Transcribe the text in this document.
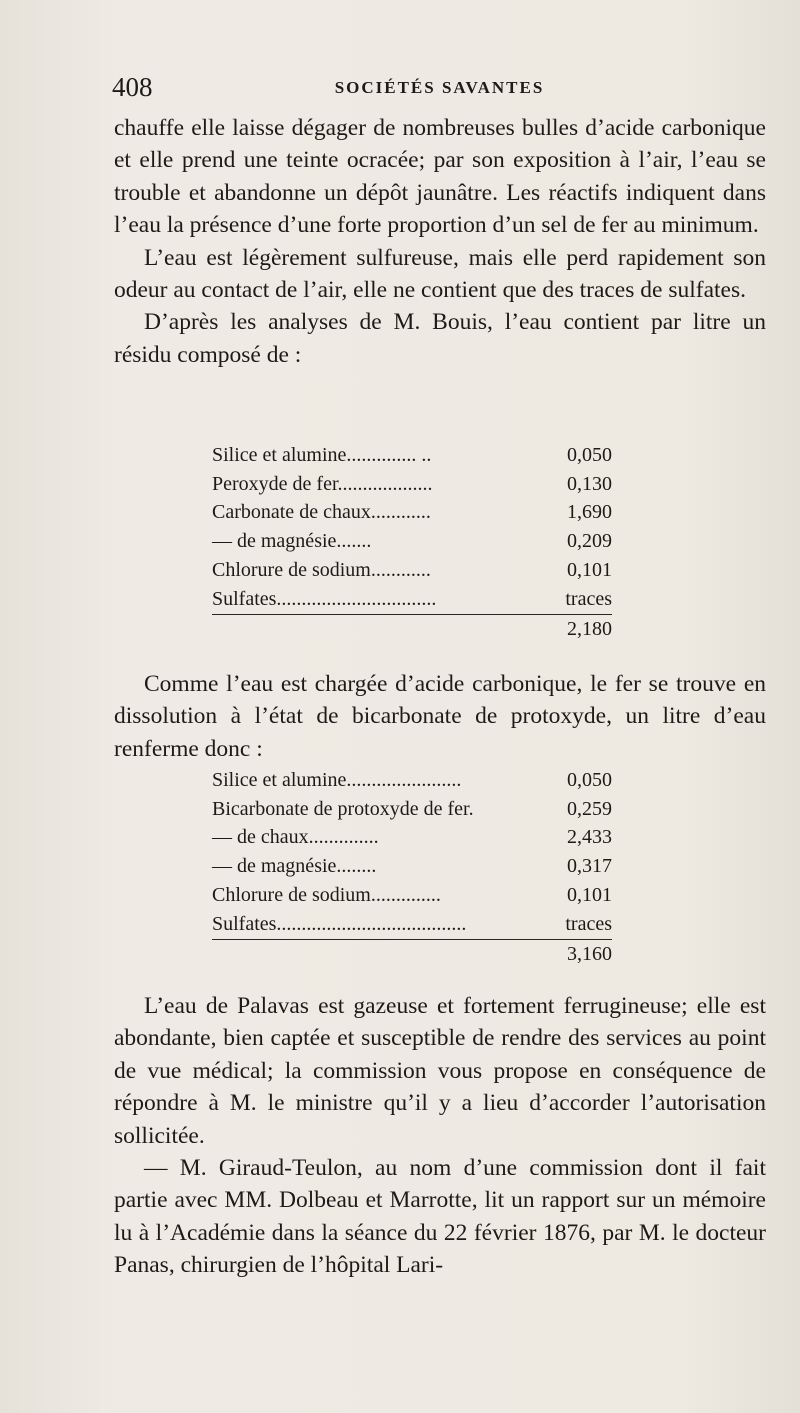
408	SOCIÉTÉS SAVANTES

chauffe elle laisse dégager de nombreuses bulles d’acide carbonique et elle prend une teinte ocracée; par son exposition à l’air, l’eau se trouble et abandonne un dépôt jaunâtre. Les réactifs indiquent dans l’eau la présence d’une forte proportion d’un sel de fer au minimum.

L’eau est légèrement sulfureuse, mais elle perd rapidement son odeur au contact de l’air, elle ne contient que des traces de sulfates.

D’après les analyses de M. Bouis, l’eau contient par litre un résidu composé de :

Silice et alumine.............. ..	0,050
Peroxyde de fer...................	0,130
Carbonate de chaux............	1,690
— de magnésie.......	0,209
Chlorure de sodium............	0,101
Sulfates................................	traces
	2,180

Comme l’eau est chargée d’acide carbonique, le fer se trouve en dissolution à l’état de bicarbonate de protoxyde, un litre d’eau renferme donc :

Silice et alumine.......................	0,050
Bicarbonate de protoxyde de fer.	0,259
— de chaux..............	2,433
— de magnésie........	0,317
Chlorure de sodium..............	0,101
Sulfates......................................	traces
	3,160

L’eau de Palavas est gazeuse et fortement ferrugineuse; elle est abondante, bien captée et susceptible de rendre des services au point de vue médical; la commission vous propose en conséquence de répondre à M. le ministre qu’il y a lieu d’accorder l’autorisation sollicitée.

— M. Giraud-Teulon, au nom d’une commission dont il fait partie avec MM. Dolbeau et Marrotte, lit un rapport sur un mémoire lu à l’Académie dans la séance du 22 février 1876, par M. le docteur Panas, chirurgien de l’hôpital Lari-
